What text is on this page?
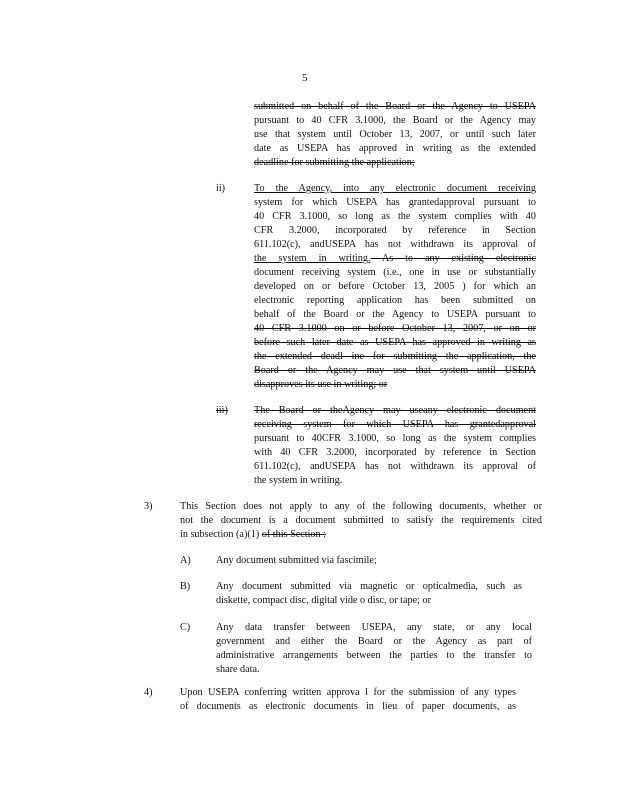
5
submitted on behalf of the Board or the Agency to USEPA
pursuant to 40 CFR 3.1000, the Board or the Agency may
use that system until October 13, 2007, or until such later
date as USEPA has approved in writing as the extended
deadline for submitting the application;
ii)	To the Agency, into any electronic document receiving
system for which USEPA has grantedapproval pursuant to
40 CFR 3.1000, so long as the system complies with 40
CFR 3.2000, incorporated by reference in Section
611.102(c), andUSEPA has not withdrawn its approval of
the system in writing. As to any existing electronic
document receiving system (i.e., one in use or substantially
developed on or before October 13, 2005 ) for which an
electronic reporting application has been submitted on
behalf of the Board or the Agency to USEPA pursuant to
40 CFR 3.1000 on or before October 13, 2007, or on or
before such later date as USEPA has approved in writing as
the extended deadl ine for submitting the application, the
Board or the Agency may use that system until USEPA
disapproves its use in writing; or
iii)	The Board or theAgency may useany electronic document
receiving system for which USEPA has grantedapproval
pursuant to 40CFR 3.1000, so long as the system complies
with 40 CFR 3.2000, incorporated by reference in Section
611.102(c), andUSEPA has not withdrawn its approval of
the system in writing.
3)	This Section does not apply to any of the following documents, whether or
not the document is a document submitted to satisfy the requirements cited
in subsection (a)(1) of this Section :
A) Any document submitted via fascimile;
B)	Any document submitted via magnetic or opticalmedia, such as
diskette, compact disc, digital vide o disc, or tape; or
C)	Any data transfer between USEPA, any state, or any local
government and either the Board or the Agency as part of
administrative arrangements between the parties to the transfer to
share data.
4)	Upon USEPA conferring written approva l for the submission of any types
of documents as electronic documents in lieu of paper documents, as
